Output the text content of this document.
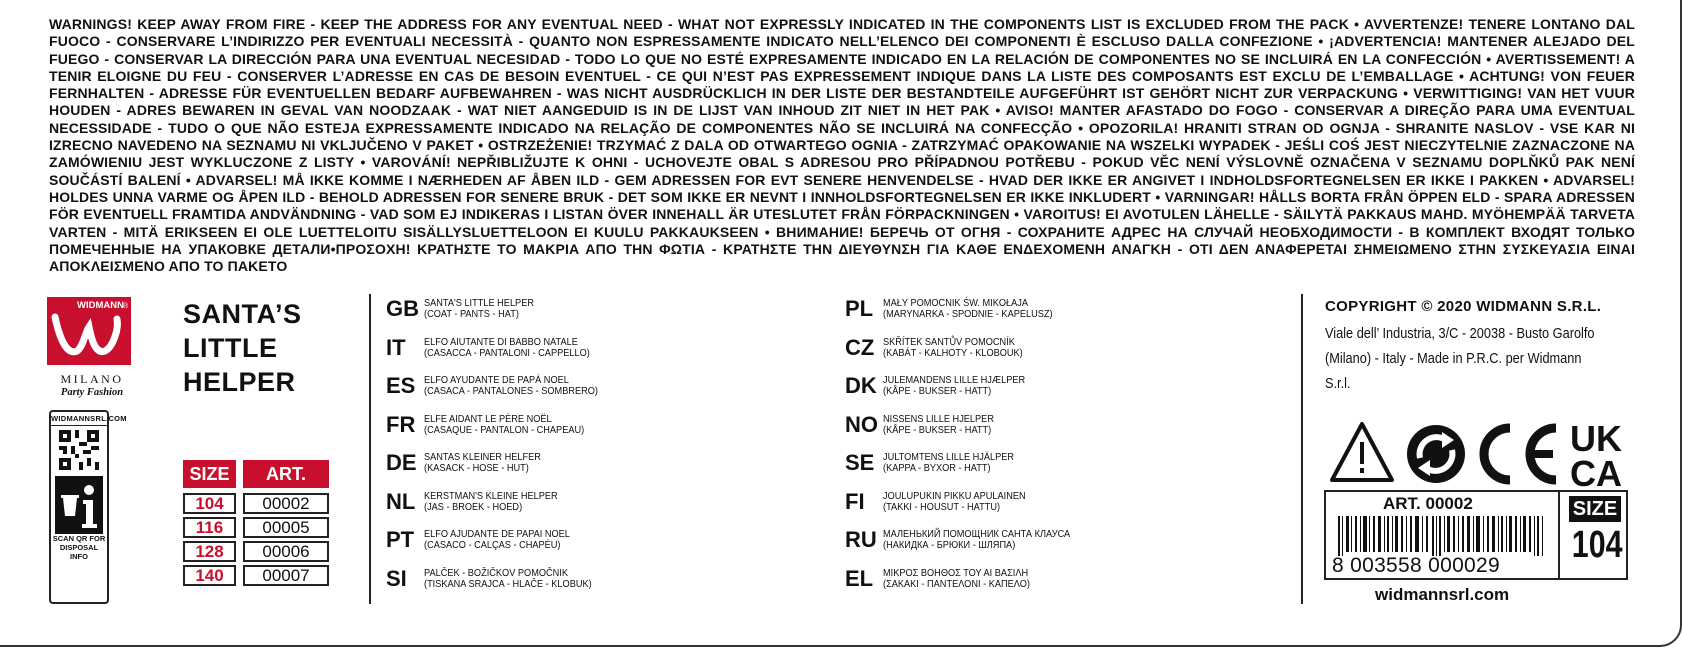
WARNINGS! KEEP AWAY FROM FIRE - KEEP THE ADDRESS FOR ANY EVENTUAL NEED - WHAT NOT EXPRESSLY INDICATED IN THE COMPONENTS LIST IS EXCLUDED FROM THE PACK • AVVERTENZE! TENERE LONTANO DAL FUOCO - CONSERVARE L’INDIRIZZO PER EVENTUALI NECESSITÀ - QUANTO NON ESPRESSAMENTE INDICATO NELL’ELENCO DEI COMPONENTI È ESCLUSO DALLA CONFEZIONE • ¡ADVERTENCIA! MANTENER ALEJADO DEL FUEGO - CONSERVAR LA DIRECCIÓN PARA UNA EVENTUAL NECESIDAD - TODO LO QUE NO ESTÉ EXPRESAMENTE INDICADO EN LA RELACIÓN DE COMPONENTES NO SE INCLUIRÁ EN LA CONFECCIÓN • AVERTISSEMENT! A TENIR ELOIGNE DU FEU - CONSERVER L’ADRESSE EN CAS DE BESOIN EVENTUEL - CE QUI N’EST PAS EXPRESSEMENT INDIQUE DANS LA LISTE DES COMPOSANTS EST EXCLU DE L’EMBALLAGE • ACHTUNG! VON FEUER FERNHALTEN - ADRESSE FÜR EVENTUELLEN BEDARF AUFBEWAHREN - WAS NICHT AUSDRÜCKLICH IN DER LISTE DER BESTANDTEILE AUFGEFÜHRT IST GEHÖRT NICHT ZUR VERPACKUNG • VERWITTIGING! VAN HET VUUR HOUDEN - ADRES BEWAREN IN GEVAL VAN NOODZAAK - WAT NIET AANGEDUID IS IN DE LIJST VAN INHOUD ZIT NIET IN HET PAK • AVISO! MANTER AFASTADO DO FOGO - CONSERVAR A DIREÇÃO PARA UMA EVENTUAL NECESSIDADE - TUDO O QUE NÃO ESTEJA EXPRESSAMENTE INDICADO NA RELAÇÃO DE COMPONENTES NÃO SE INCLUIRÁ NA CONFECÇÃO • OPOZORILA! HRANITI STRAN OD OGNJA - SHRANITE NASLOV - VSE KAR NI IZRECNO NAVEDENO NA SEZNAMU NI VKLJUČENO V PAKET • OSTRZEŻENIE! TRZYMAĆ Z DALA OD OTWARTEGO OGNIA - ZATRZYMAĆ OPAKOWANIE NA WSZELKI WYPADEK - JEŚLI COŚ JEST NIECZYTELNIE ZAZNACZONE NA ZAMÓWIENIU JEST WYKLUCZONE Z LISTY • VAROVÁNÍ! NEPŘIBLIŽUJTE K OHNI - UCHOVEJTE OBAL S ADRESOU PRO PŘÍPADNOU POTŘEBU - POKUD VĚC NENÍ VÝSLOVNĚ OZNAČENA V SEZNAMU DOPLŇKŮ PAK NENÍ SOUČÁSTÍ BALENÍ • ADVARSEL! MÅ IKKE KOMME I NÆRHEDEN AF ÅBEN ILD - GEM ADRESSEN FOR EVT SENERE HENVENDELSE - HVAD DER IKKE ER ANGIVET I INDHOLDSFORTEGNELSEN ER IKKE I PAKKEN • ADVARSEL! HOLDES UNNA VARME OG ÅPEN ILD - BEHOLD ADRESSEN FOR SENERE BRUK - DET SOM IKKE ER NEVNT I INNHOLDSFORTEGNELSEN ER IKKE INKLUDERT • VARNINGAR! HÅLLS BORTA FRÅN ÖPPEN ELD - SPARA ADRESSEN FÖR EVENTUELL FRAMTIDA ANDVÄNDNING - VAD SOM EJ INDIKERAS I LISTAN ÖVER INNEHALL ÄR UTESLUTET FRÅN FÖRPACKNINGEN • VAROITUS! EI AVOTULEN LÄHELLE - SÄILYTÄ PAKKAUS MAHD. MYÖHEMPÄÄ TARVETA VARTEN - MITÄ ERIKSEEN EI OLE LUETTELOITU SISÄLLYSLUETTELOON EI KUULU PAKKAUKSEEN • ВНИМАНИЕ! БЕРЕЧЬ ОТ ОГНЯ - СОХРАНИТЕ АДРЕС НА СЛУЧАЙ НЕОБХОДИМОСТИ - В КОМПЛЕКТ ВХОДЯТ ТОЛЬКО ПОМЕЧЕННЫЕ НА УПАКОВКЕ ДЕТАЛИ•ΠΡΟΣΟΧΗ! ΚΡΑΤΗΣΤΕ ΤΟ ΜΑΚΡΙΑ ΑΠΟ ΤΗΝ ΦΩΤΙΑ - ΚΡΑΤΗΣΤΕ ΤΗΝ ΔΙΕΥΘΥΝΣΗ ΓΙΑ ΚΑΘΕ ΕΝΔΕΧΟΜΕΝΗ ΑΝΑΓΚΗ - ΟΤΙ ΔΕΝ ΑΝΑΦΕΡΕΤΑΙ ΣΗΜΕΙΩΜΕΝΟ ΣΤΗΝ ΣΥΣΚΕΥΑΣΙΑ ΕΙΝΑΙ ΑΠΟΚΛΕΙΣΜΕΝΟ ΑΠΟ ΤΟ ΠΑΚΕΤΟ
WIDMANN ®
MILANO
Party Fashion
WIDMANNSRL.COM
SCAN QR FOR
DISPOSAL INFO
SANTA’S
LITTLE
HELPER
SIZE	ART.
104	00002
116	00005
128	00006
140	00007
GB SANTA'S LITTLE HELPER
(COAT - PANTS - HAT)
IT	ELFO AIUTANTE DI BABBO NATALE
(CASACCA - PANTALONI - CAPPELLO)
ES ELFO AYUDANTE DE PAPÁ NOEL
(CASACA - PANTALONES - SOMBRERO)
FR ELFE AIDANT LE PÈRE NOËL
(CASAQUE - PANTALON - CHAPEAU)
DE SANTAS KLEINER HELFER
(KASACK - HOSE - HUT)
NL KERSTMAN'S KLEINE HELPER
(JAS - BROEK - HOED)
PT ELFO AJUDANTE DE PAPAI NOEL
(CASACO - CALÇAS - CHAPÉU)
SI	PALČEK - BOŽIČKOV POMOČNIK
(TISKANA SRAJCA - HLAČE - KLOBUK)
PL MAŁY POMOCNIK ŚW. MIKOŁAJA
(MARYNARKA - SPODNIE - KAPELUSZ)
CZ SKŘÍTEK SANTŮV POMOCNÍK
(KABÁT - KALHOTY - KLOBOUK)
DK JULEMANDENS LILLE HJÆLPER
(KÅPE - BUKSER - HATT)
NO NISSENS LILLE HJELPER
(KÅPE - BUKSER - HATT)
SE JULTOMTENS LILLE HJÄLPER
(KAPPA - BYXOR - HATT)
FI	JOULUPUKIN PIKKU APULAINEN
(TAKKI - HOUSUT - HATTU)
RU МАЛЕНЬКИЙ ПОМОЩНИК САНТА КЛАУСА
(НАКИДКА - БРЮКИ - ШЛЯПА)
EL ΜΙΚΡΟΣ ΒΟΗΘΟΣ ΤΟΥ ΑΙ ΒΑΣΙΛΗ
(ΣΑΚΑΚΙ - ΠΑΝΤΕΛΟΝΙ - ΚΑΠΕΛΟ)
COPYRIGHT © 2020 WIDMANN S.R.L.
Viale dell’ Industria, 3/C - 20038 - Busto Garolfo (Milano) - Italy - Made in P.R.C. per Widmann S.r.l.
UK
CA
ART. 00002
8 003558 000029
SIZE
104
widmannsrl.com
